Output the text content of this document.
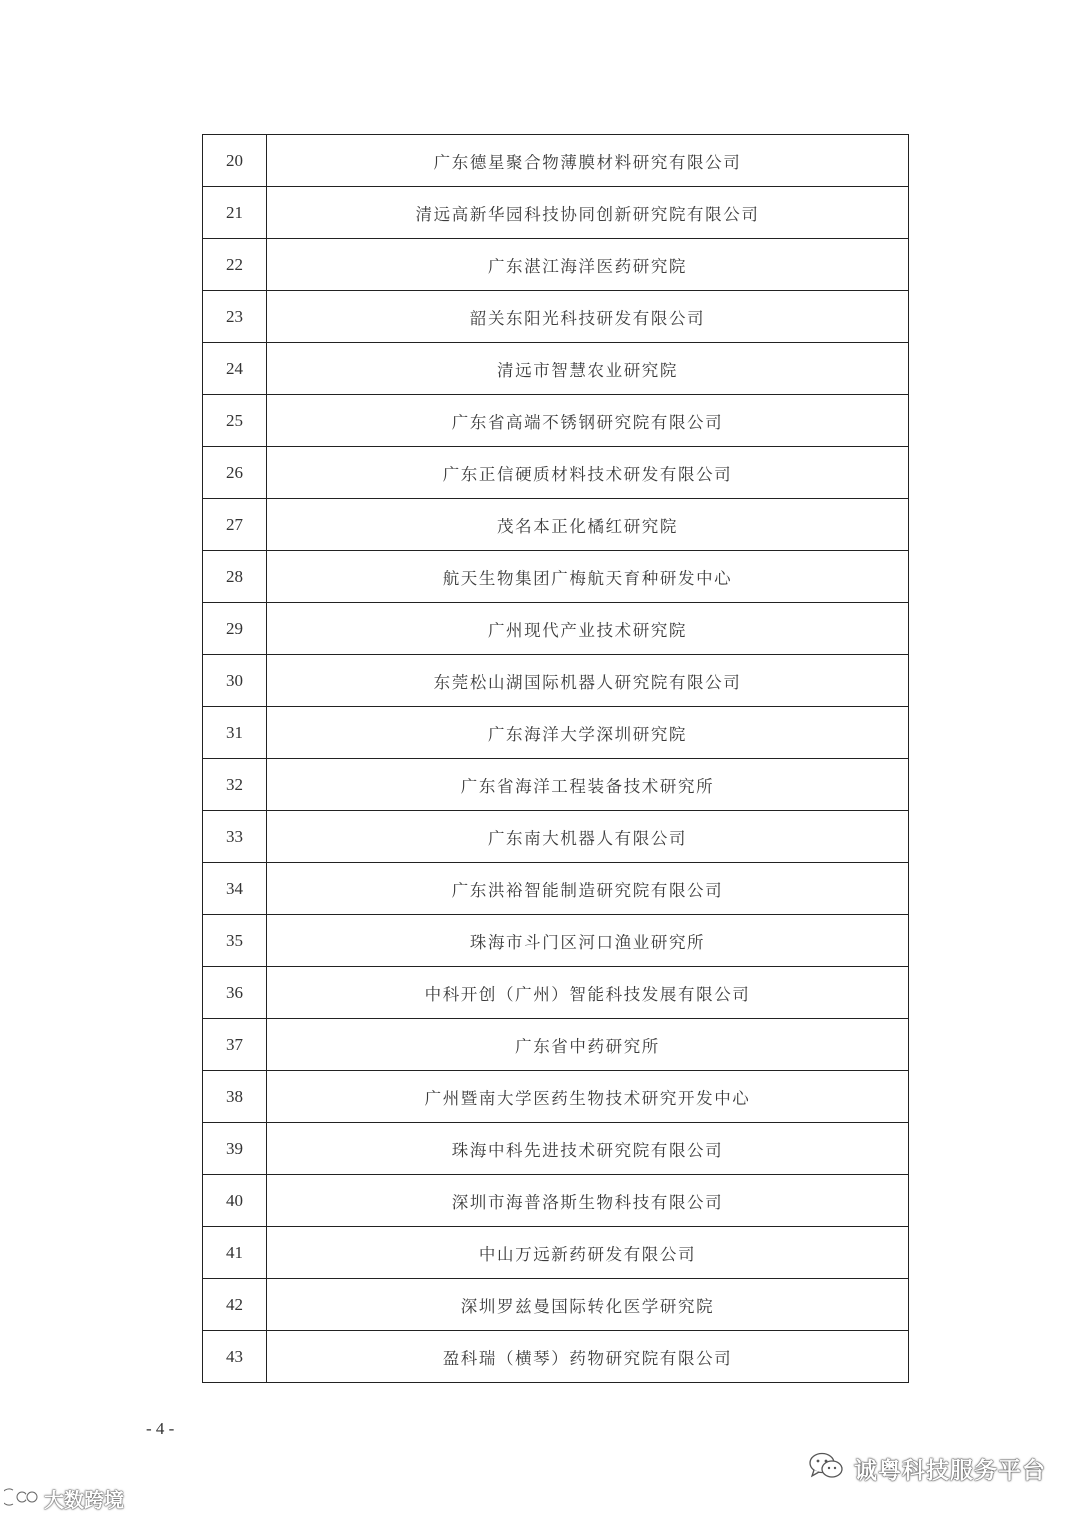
20	广东德星聚合物薄膜材料研究有限公司
21	清远高新华园科技协同创新研究院有限公司
22	广东湛江海洋医药研究院
23	韶关东阳光科技研发有限公司
24	清远市智慧农业研究院
25	广东省高端不锈钢研究院有限公司
26	广东正信硬质材料技术研发有限公司
27	茂名本正化橘红研究院
28	航天生物集团广梅航天育种研发中心
29	广州现代产业技术研究院
30	东莞松山湖国际机器人研究院有限公司
31	广东海洋大学深圳研究院
32	广东省海洋工程装备技术研究所
33	广东南大机器人有限公司
34	广东洪裕智能制造研究院有限公司
35	珠海市斗门区河口渔业研究所
36	中科开创（广州）智能科技发展有限公司
37	广东省中药研究所
38	广州暨南大学医药生物技术研究开发中心
39	珠海中科先进技术研究院有限公司
40	深圳市海普洛斯生物科技有限公司
41	中山万远新药研发有限公司
42	深圳罗兹曼国际转化医学研究院
43	盈科瑞（横琴）药物研究院有限公司
- 4 -
大数跨境
诚粤科技服务平台
